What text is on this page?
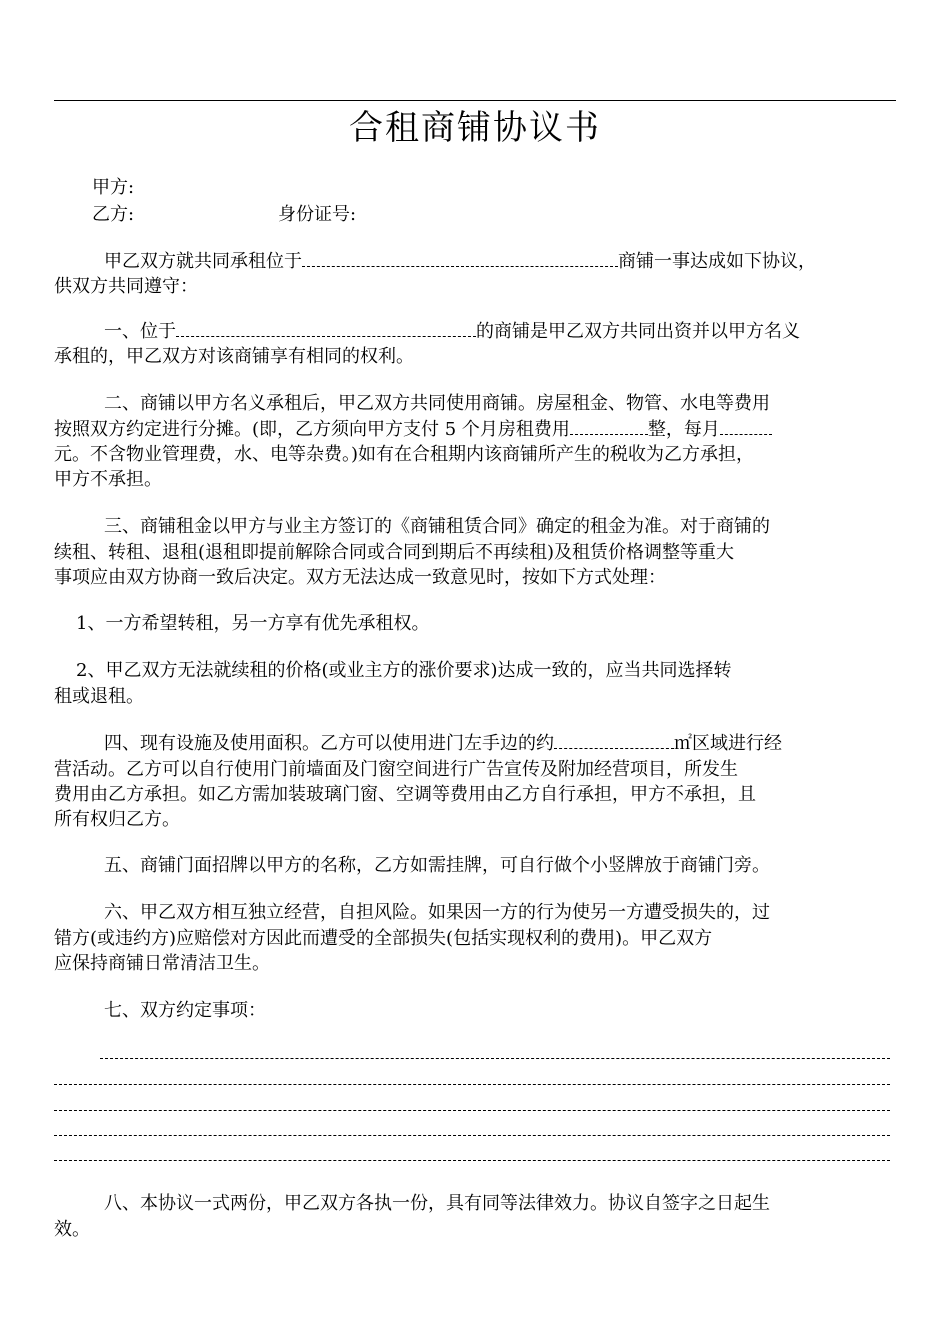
合租商铺协议书
甲方:
乙方:	身份证号:
甲乙双方就共同承租位于	商铺一事达成如下协议，
供双方共同遵守：
一、位于	的商铺是甲乙双方共同出资并以甲方名义
承租的，甲乙双方对该商铺享有相同的权利。
二、商铺以甲方名义承租后，甲乙双方共同使用商铺。房屋租金、物管、水电等费用
按照双方约定进行分摊。(即，乙方须向甲方支付 5 个月房租费用	整，每月
元。不含物业管理费，水、电等杂费。)如有在合租期内该商铺所产生的税收为乙方承担，
甲方不承担。
三、商铺租金以甲方与业主方签订的《商铺租赁合同》确定的租金为准。对于商铺的
续租、转租、退租(退租即提前解除合同或合同到期后不再续租)及租赁价格调整等重大
事项应由双方协商一致后决定。双方无法达成一致意见时，按如下方式处理：
1、一方希望转租，另一方享有优先承租权。
2、甲乙双方无法就续租的价格(或业主方的涨价要求)达成一致的，应当共同选择转
租或退租。
四、现有设施及使用面积。乙方可以使用进门左手边的约	㎡区域进行经
营活动。乙方可以自行使用门前墙面及门窗空间进行广告宣传及附加经营项目，所发生
费用由乙方承担。如乙方需加装玻璃门窗、空调等费用由乙方自行承担，甲方不承担，且
所有权归乙方。
五、商铺门面招牌以甲方的名称，乙方如需挂牌，可自行做个小竖牌放于商铺门旁。
六、甲乙双方相互独立经营，自担风险。如果因一方的行为使另一方遭受损失的，过
错方(或违约方)应赔偿对方因此而遭受的全部损失(包括实现权利的费用)。甲乙双方
应保持商铺日常清洁卫生。
七、双方约定事项：
八、本协议一式两份，甲乙双方各执一份，具有同等法律效力。协议自签字之日起生
效。
